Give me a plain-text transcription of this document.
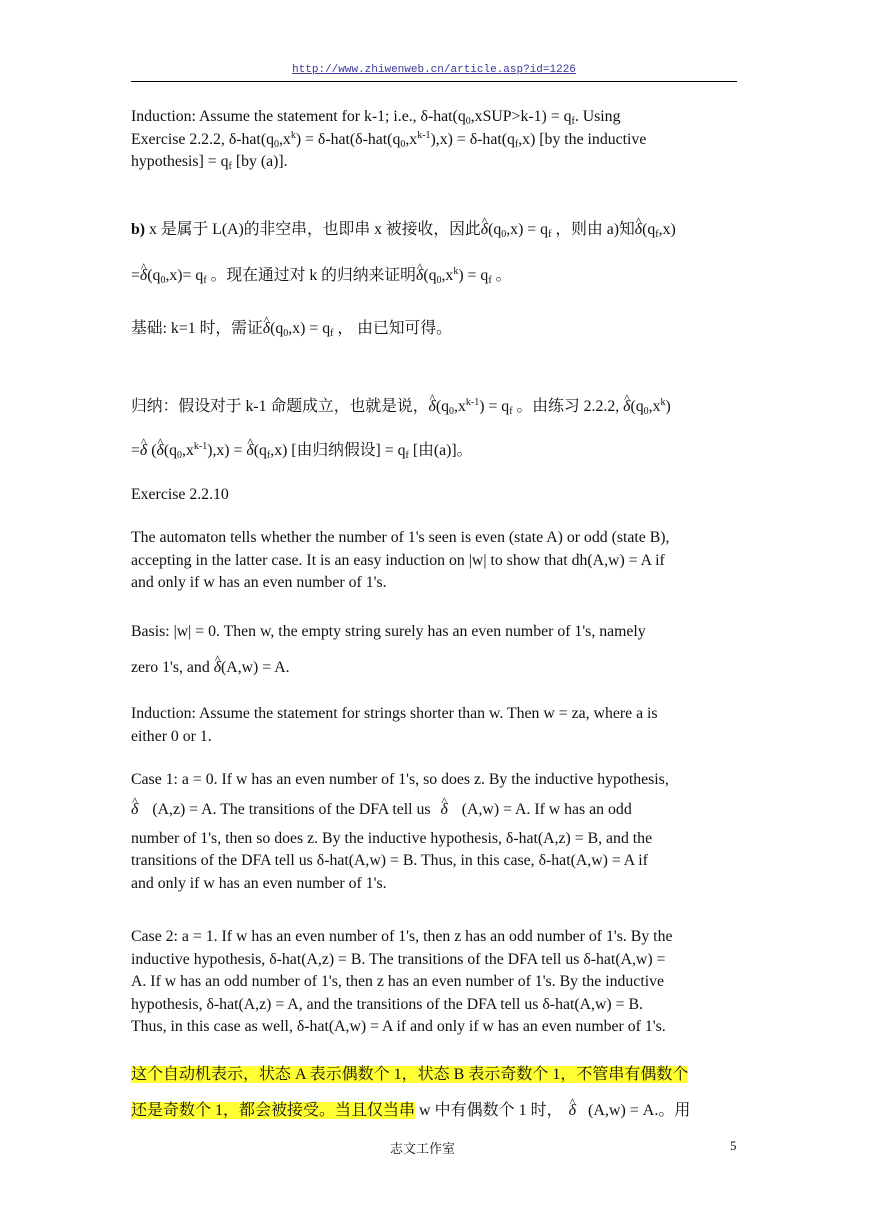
http://www.zhiwenweb.cn/article.asp?id=1226

Induction: Assume the statement for k-1; i.e., $\delta-hat(q_0,xSUP>k-1) = q_f$. Using
Exercise 2.2.2, $\delta-hat(q_0,x^k) = \delta-hat(\delta-hat(q_0,x^{k-1}),x) = \delta-hat(q_f,x)$ [by the inductive
hypothesis] = $q_f$ [by (a)].

b) x 是属于 L(A)的非空串，也即串 x 被接收，因此^ $\delta(q_0,x) = q_f$ ，则由 a)知^ $\delta(q_f,x)$
=^ $\delta(q_0,x)= q_f$ 。现在通过对 k 的归纳来证明^ $\delta(q_0,x^k) = q_f$ 。

基础: k=1 时，需证^ $\delta(q_0,x) = q_f$ ， 由已知可得。

归纳：假设对于 k-1 命题成立，也就是说，^ $\delta(q_0,x^{k-1}) = q_f$ 。由练习 2.2.2, ^ $\delta(q_0,x^k)$
=^ δ (^ $\delta(q_0,x^{k-1}),x$) = ^ $\delta(q_f,x)$ [由归纳假设] = $q_f$ [由(a)]。

Exercise 2.2.10

The automaton tells whether the number of 1's seen is even (state A) or odd (state B),
accepting in the latter case. It is an easy induction on |w| to show that dh(A,w) = A if
and only if w has an even number of 1's.

Basis: |w| = 0. Then w, the empty string surely has an even number of 1's, namely
zero 1's, and ^ δ(A,w) = A.

Induction: Assume the statement for strings shorter than w. Then w = za, where a is
either 0 or 1.

Case 1: a = 0. If w has an even number of 1's, so does z. By the inductive hypothesis,
^ δ (A,z) = A. The transitions of the DFA tell us ^ δ (A,w) = A. If w has an odd
number of 1's, then so does z. By the inductive hypothesis, δ-hat(A,z) = B, and the
transitions of the DFA tell us δ-hat(A,w) = B. Thus, in this case, δ-hat(A,w) = A if
and only if w has an even number of 1's.

Case 2: a = 1. If w has an even number of 1's, then z has an odd number of 1's. By the
inductive hypothesis, δ-hat(A,z) = B. The transitions of the DFA tell us δ-hat(A,w) =
A. If w has an odd number of 1's, then z has an even number of 1's. By the inductive
hypothesis, δ-hat(A,z) = A, and the transitions of the DFA tell us δ-hat(A,w) = B.
Thus, in this case as well, δ-hat(A,w) = A if and only if w has an even number of 1's.

这个自动机表示，状态 A 表示偶数个 1，状态 B 表示奇数个 1，不管串有偶数个
还是奇数个 1，都会被接受。当且仅当串 w 中有偶数个 1 时，^ δ (A,w) = A.。用

志文工作室	5
